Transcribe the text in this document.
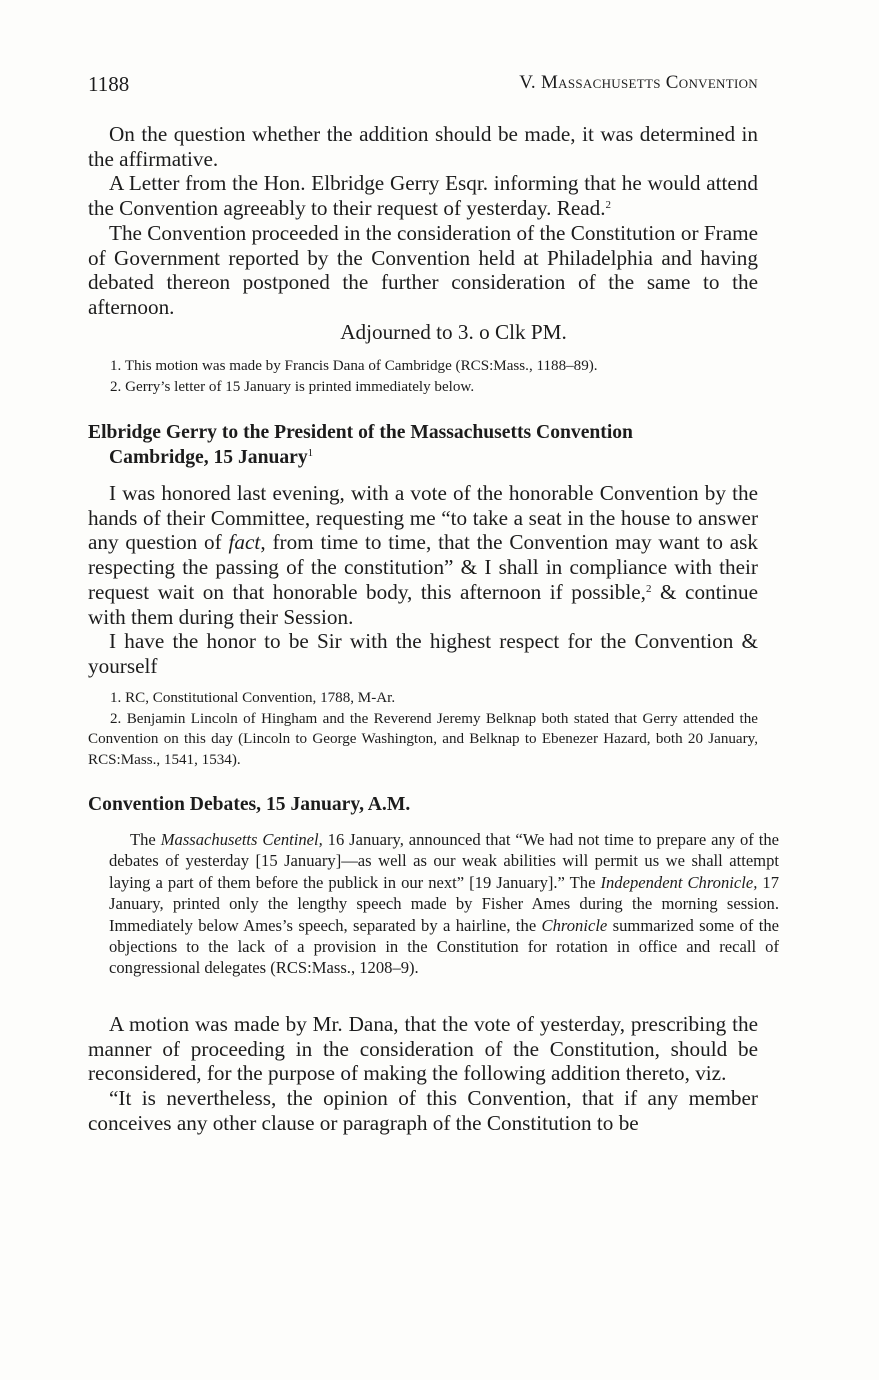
1188	V. Massachusetts Convention

On the question whether the addition should be made, it was determined in the affirmative.

A Letter from the Hon. Elbridge Gerry Esqr. informing that he would attend the Convention agreeably to their request of yesterday. Read.$^2$

The Convention proceeded in the consideration of the Constitution or Frame of Government reported by the Convention held at Philadelphia and having debated thereon postponed the further consideration of the same to the afternoon.

Adjourned to 3. o Clk PM.

1. This motion was made by Francis Dana of Cambridge (RCS:Mass., 1188–89).

2. Gerry’s letter of 15 January is printed immediately below.

Elbridge Gerry to the President of the Massachusetts Convention
Cambridge, 15 January$^1$

I was honored last evening, with a vote of the honorable Convention by the hands of their Committee, requesting me “to take a seat in the house to answer any question of fact, from time to time, that the Convention may want to ask respecting the passing of the constitution” & I shall in compliance with their request wait on that honorable body, this afternoon if possible,$^2$ & continue with them during their Session.

I have the honor to be Sir with the highest respect for the Convention & yourself

1. RC, Constitutional Convention, 1788, M-Ar.

2. Benjamin Lincoln of Hingham and the Reverend Jeremy Belknap both stated that Gerry attended the Convention on this day (Lincoln to George Washington, and Belknap to Ebenezer Hazard, both 20 January, RCS:Mass., 1541, 1534).

Convention Debates, 15 January, A.M.

The Massachusetts Centinel, 16 January, announced that “We had not time to prepare any of the debates of yesterday [15 January]—as well as our weak abilities will permit us we shall attempt laying a part of them before the publick in our next” [19 January].” The Independent Chronicle, 17 January, printed only the lengthy speech made by Fisher Ames during the morning session. Immediately below Ames’s speech, separated by a hairline, the Chronicle summarized some of the objections to the lack of a provision in the Constitution for rotation in office and recall of congressional delegates (RCS:Mass., 1208–9).

A motion was made by Mr. Dana, that the vote of yesterday, prescribing the manner of proceeding in the consideration of the Constitution, should be reconsidered, for the purpose of making the following addition thereto, viz.

“It is nevertheless, the opinion of this Convention, that if any member conceives any other clause or paragraph of the Constitution to be
